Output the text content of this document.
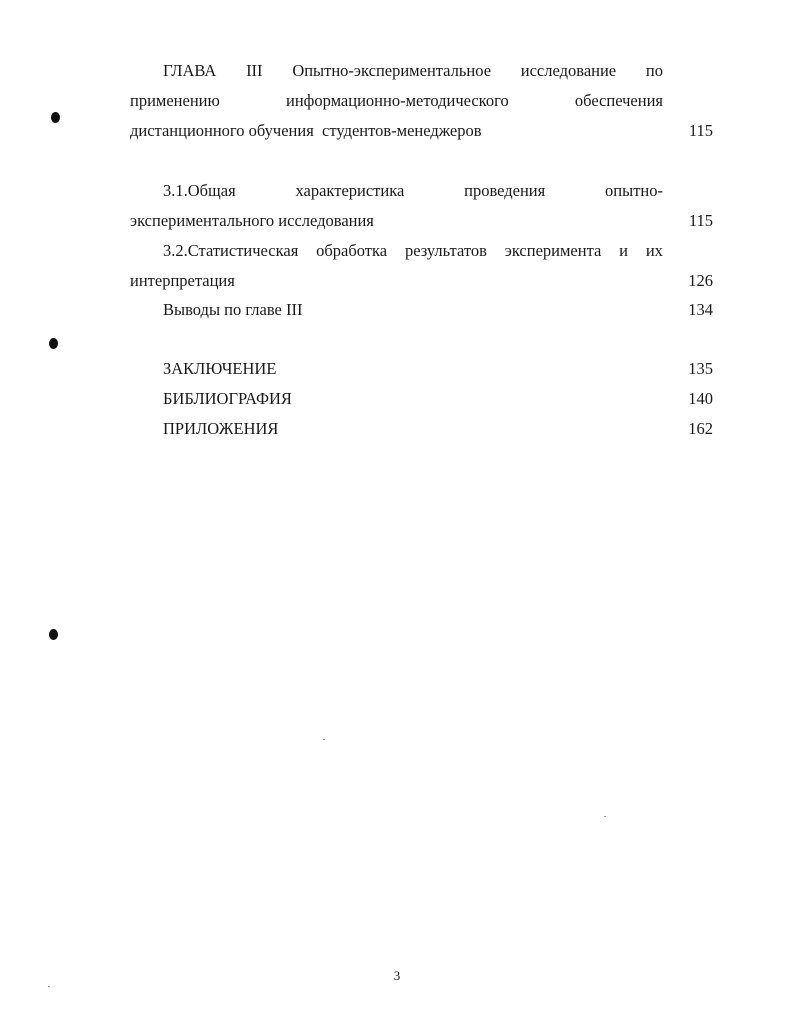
ГЛАВА III Опытно-экспериментальное исследование по
применению	информационно-методического	обеспечения
дистанционного обучения  студентов-менеджеров	115
3.1.Общая	характеристика	проведения	опытно-
экспериментального исследования	115
3.2.Статистическая обработка результатов эксперимента и их
интерпретация	126
Выводы по главе III	134
ЗАКЛЮЧЕНИЕ	135
БИБЛИОГРАФИЯ	140
ПРИЛОЖЕНИЯ	162
3
